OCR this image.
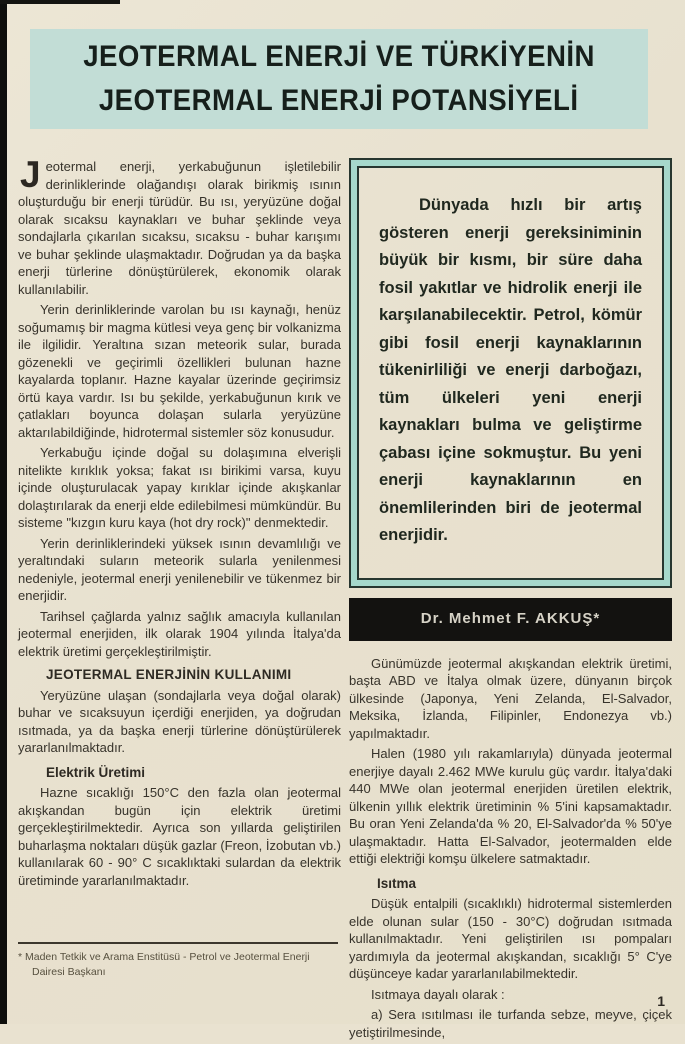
JEOTERMAL ENERJİ VE TÜRKİYENİN
JEOTERMAL ENERJİ POTANSİYELİ

Jeotermal enerji, yerkabuğunun işletilebilir derinliklerinde olağandışı olarak birikmiş ısının oluşturduğu bir enerji türüdür. Bu ısı, yeryüzüne doğal olarak sıcaksu kaynakları ve buhar şeklinde veya sondajlarla çıkarılan sıcaksu, sıcaksu - buhar karışımı ve buhar şeklinde ulaşmaktadır. Doğrudan ya da başka enerji türlerine dönüştürülerek, ekonomik olarak kullanılabilir.

Yerin derinliklerinde varolan bu ısı kaynağı, henüz soğumamış bir magma kütlesi veya genç bir volkanizma ile ilgilidir. Yeraltına sızan meteorik sular, burada gözenekli ve geçirimli özellikleri bulunan hazne kayalarda toplanır. Hazne kayalar üzerinde geçirimsiz örtü kaya vardır. Isı bu şekilde, yerkabuğunun kırık ve çatlakları boyunca dolaşan sularla yeryüzüne aktarılabildiğinde, hidrotermal sistemler söz konusudur.

Yerkabuğu içinde doğal su dolaşımına elverişli nitelikte kırıklık yoksa; fakat ısı birikimi varsa, kuyu içinde oluşturulacak yapay kırıklar içinde akışkanlar dolaştırılarak da enerji elde edilebilmesi mümkündür. Bu sisteme "kızgın kuru kaya (hot dry rock)" denmektedir.

Yerin derinliklerindeki yüksek ısının devamlılığı ve yeraltındaki suların meteorik sularla yenilenmesi nedeniyle, jeotermal enerji yenilenebilir ve tükenmez bir enerjidir.

Tarihsel çağlarda yalnız sağlık amacıyla kullanılan jeotermal enerjiden, ilk olarak 1904 yılında İtalya'da elektrik üretimi gerçekleştirilmiştir.

JEOTERMAL ENERJİNİN KULLANIMI

Yeryüzüne ulaşan (sondajlarla veya doğal olarak) buhar ve sıcaksuyun içerdiği enerjiden, ya doğrudan ısıtmada, ya da başka enerji türlerine dönüştürülerek yararlanılmaktadır.

Elektrik Üretimi

Hazne sıcaklığı 150°C den fazla olan jeotermal akışkandan bugün için elektrik üretimi gerçekleştirilmektedir. Ayrıca son yıllarda geliştirilen buharlaşma noktaları düşük gazlar (Freon, İzobutan vb.) kullanılarak 60 - 90° C sıcaklıktaki sulardan da elektrik üretiminde yararlanılmaktadır.

* Maden Tetkik ve Arama Enstitüsü - Petrol ve Jeotermal Enerji Dairesi Başkanı

Dünyada hızlı bir artış gösteren enerji gereksiniminin büyük bir kısmı, bir süre daha fosil yakıtlar ve hidrolik enerji ile karşılanabilecektir. Petrol, kömür gibi fosil enerji kaynaklarının tükenirliliği ve enerji darboğazı, tüm ülkeleri yeni enerji kaynakları bulma ve geliştirme çabası içine sokmuştur. Bu yeni enerji kaynaklarının en önemlilerinden biri de jeotermal enerjidir.

Dr. Mehmet F. AKKUŞ*

Günümüzde jeotermal akışkandan elektrik üretimi, başta ABD ve İtalya olmak üzere, dünyanın birçok ülkesinde (Japonya, Yeni Zelanda, El-Salvador, Meksika, İzlanda, Filipinler, Endonezya vb.) yapılmaktadır.

Halen (1980 yılı rakamlarıyla) dünyada jeotermal enerjiye dayalı 2.462 MWe kurulu güç vardır. İtalya'daki 440 MWe olan jeotermal enerjiden üretilen elektrik, ülkenin yıllık elektrik üretiminin % 5'ini kapsamaktadır. Bu oran Yeni Zelanda'da % 20, El-Salvador'da % 50'ye ulaşmaktadır. Hatta El-Salvador, jeotermalden elde ettiği elektriği komşu ülkelere satmaktadır.

Isıtma

Düşük entalpili (sıcaklıklı) hidrotermal sistemlerden elde olunan sular (150 - 30°C) doğrudan ısıtmada kullanılmaktadır. Yeni geliştirilen ısı pompaları yardımıyla da jeotermal akışkandan, sıcaklığı 5° C'ye düşünceye kadar yararlanılabilmektedir.

Isıtmaya dayalı olarak :

a) Sera ısıtılması ile turfanda sebze, meyve, çiçek yetiştirilmesinde,

1
